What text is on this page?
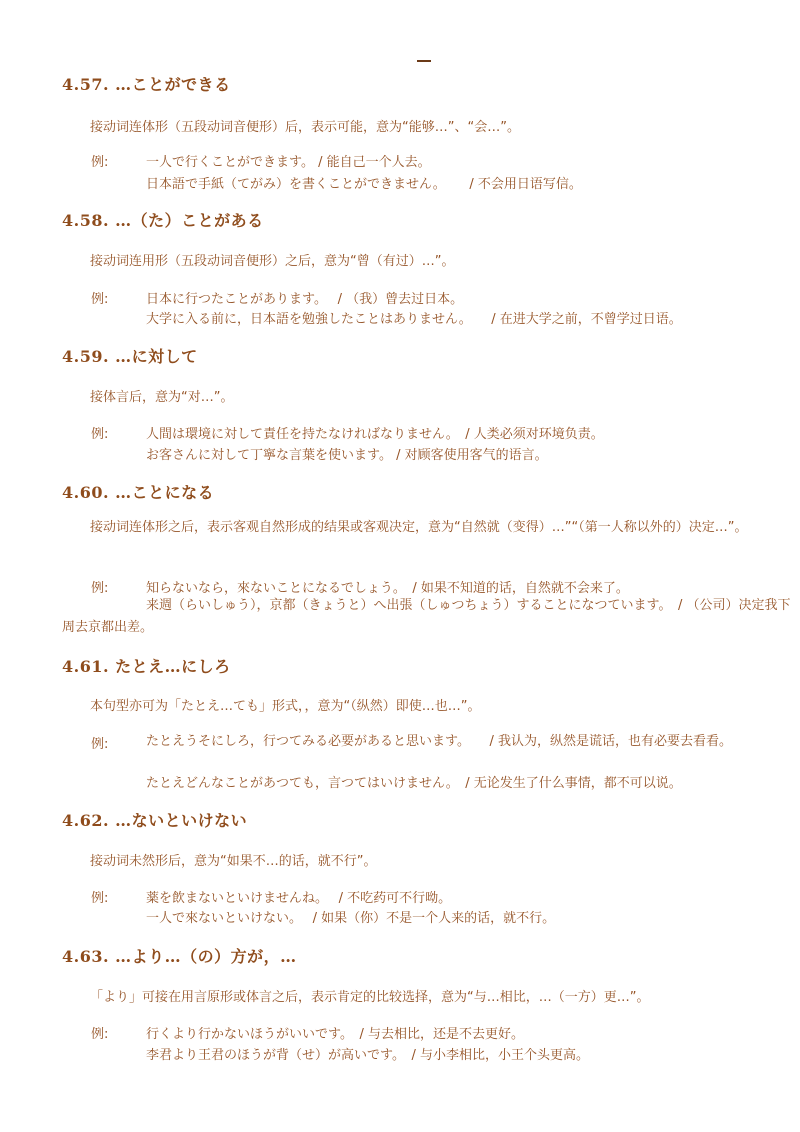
4.57. …ことができる

接动词连体形（五段动词音便形）后，表示可能，意为“能够…”、“会…”。

例:	一人で行くことができます。 / 能自己一个人去。

日本語で手紙（てがみ）を書くことができません。　　 / 不会用日语写信。

4.58. …（た）ことがある

接动词连用形（五段动词音便形）之后，意为“曾（有过）…”。

例:	日本に行つたことがあります。　 / （我）曾去过日本。

大学に入る前に，日本語を勉強したことはありません。　　/ 在进大学之前，不曾学过日语。

4.59. …に対して

接体言后，意为“对…”。

例:	人間は環境に対して責任を持たなければなりません。　/ 人类必须对环境负责。

お客さんに対して丁寧な言葉を使います。 / 对顾客使用客气的语言。

4.60. …ことになる

接动词连体形之后，表示客观自然形成的结果或客观决定，意为“自然就（变得）…”“（第一人称以外的）决定…”。

例:	知らないなら，來ないことになるでしょう。　/ 如果不知道的话，自然就不会来了。

来週（らいしゅう），京都（きょうと）へ出張（しゅつちょう）することになつています。　/ （公司）决定我下周去京都出差。

4.61. たとえ…にしろ

本句型亦可为「たとえ…ても」形式，，意为“（纵然）即使…也…”。

例:	たとえうそにしろ，行つてみる必要があると思います。　　/ 我认为，纵然是谎话，也有必要去看看。

たとえどんなことがあつても，言つてはいけません。　/ 无论发生了什么事情，都不可以说。

4.62. …ないといけない

接动词未然形后，意为“如果不…的话，就不行”。

例:	薬を飲まないといけませんね。　 / 不吃药可不行呦。

一人で來ないといけない。　 / 如果（你）不是一个人来的话，就不行。

4.63. …より…（の）方が，…

「より」可接在用言原形或体言之后，表示肯定的比较选择，意为“与…相比，…（一方）更…”。

例:	行くより行かないほうがいいです。　/ 与去相比，还是不去更好。

李君より王君のほうが背（せ）が高いです。　/ 与小李相比，小王个头更高。
